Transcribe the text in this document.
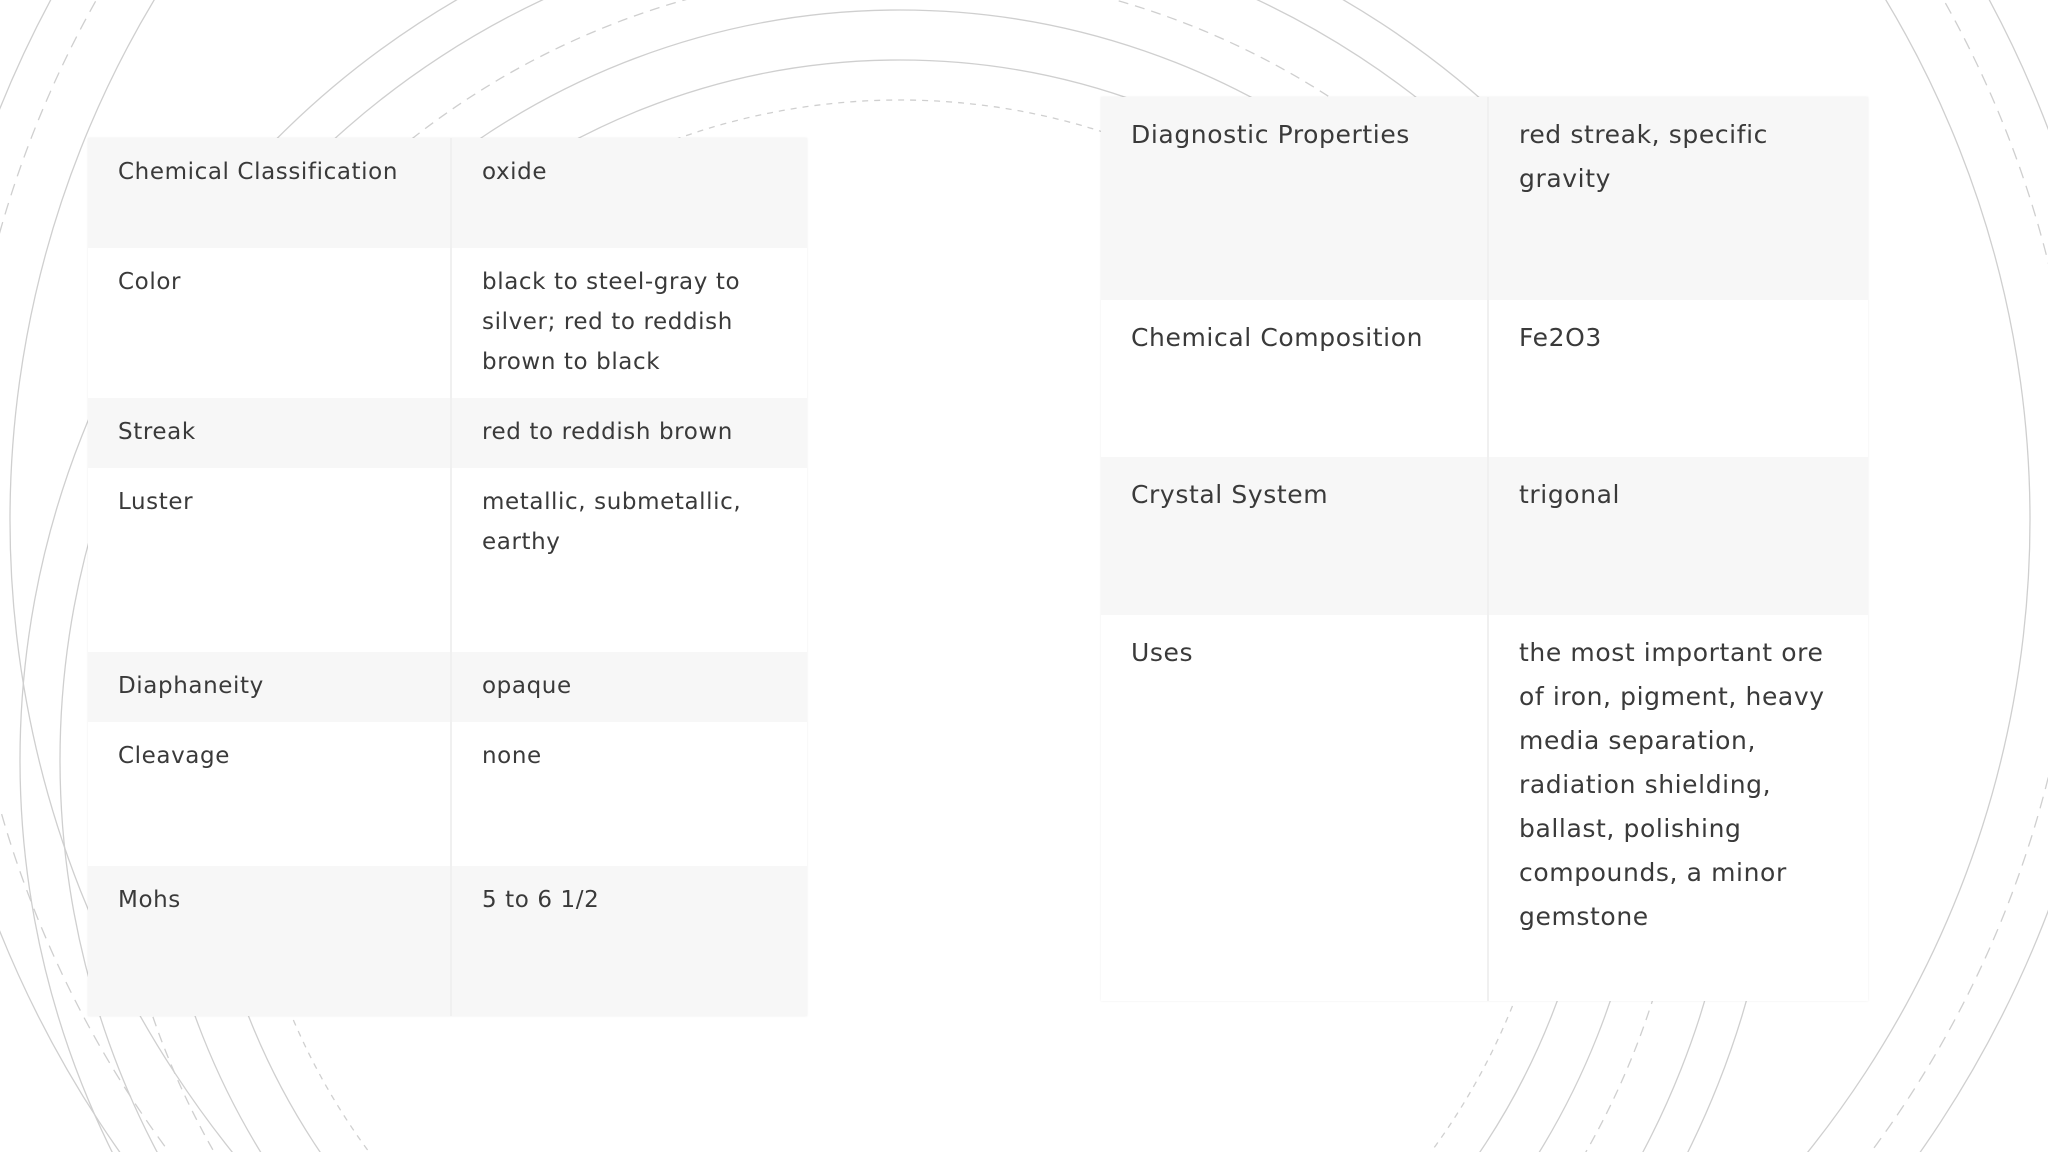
Chemical Classification	oxide
Color	black to steel-gray to silver; red to reddish brown to black
Streak	red to reddish brown
Luster	metallic, submetallic, earthy
Diaphaneity	opaque
Cleavage	none
Mohs	5 to 6 1/2
Diagnostic Properties	red streak, specific gravity
Chemical Composition	Fe2O3
Crystal System	trigonal
Uses	the most important ore of iron, pigment, heavy media separation, radiation shielding, ballast, polishing compounds, a minor gemstone
